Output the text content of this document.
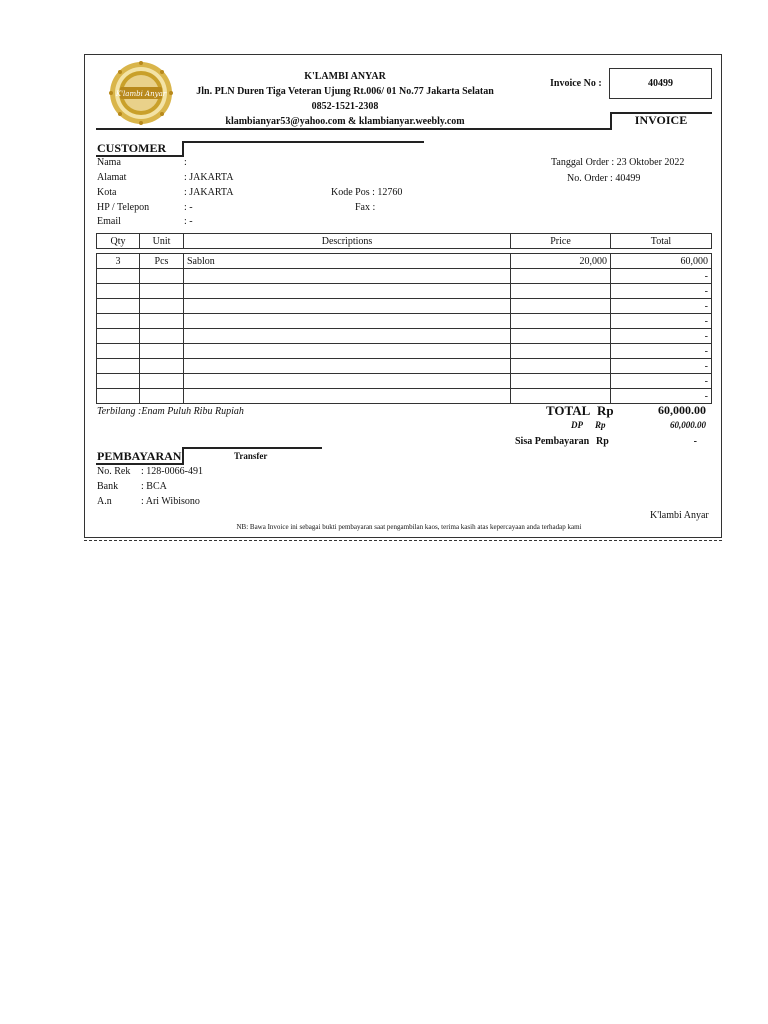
K'lambi Anyar
K'LAMBI ANYAR
Jln. PLN Duren Tiga Veteran Ujung Rt.006/ 01 No.77 Jakarta Selatan
0852-1521-2308
klambianyar53@yahoo.com & klambianyar.weebly.com
Invoice No :	40499
INVOICE
CUSTOMER
Nama	:
Alamat	: JAKARTA
Kota	: JAKARTA
HP / Telepon	: -
Email	: -
Kode Pos : 12760
Fax :
Tanggal Order : 23 Oktober 2022
No. Order : 40499
Qty	Unit	Descriptions	Price	Total
3	Pcs	Sablon	20,000	60,000
				-
				-
				-
				-
				-
				-
				-
				-
				-
Terbilang :Enam Puluh Ribu Rupiah	TOTAL Rp	60,000.00
DP Rp	60,000.00
Sisa Pembayaran Rp	-
PEMBAYARAN	Transfer
No. Rek : 128-0066-491
Bank : BCA
A.n	: Ari Wibisono
K'lambi Anyar
NB: Bawa Invoice ini sebagai bukti pembayaran saat pengambilan kaos, terima kasih atas kepercayaan anda terhadap kami
